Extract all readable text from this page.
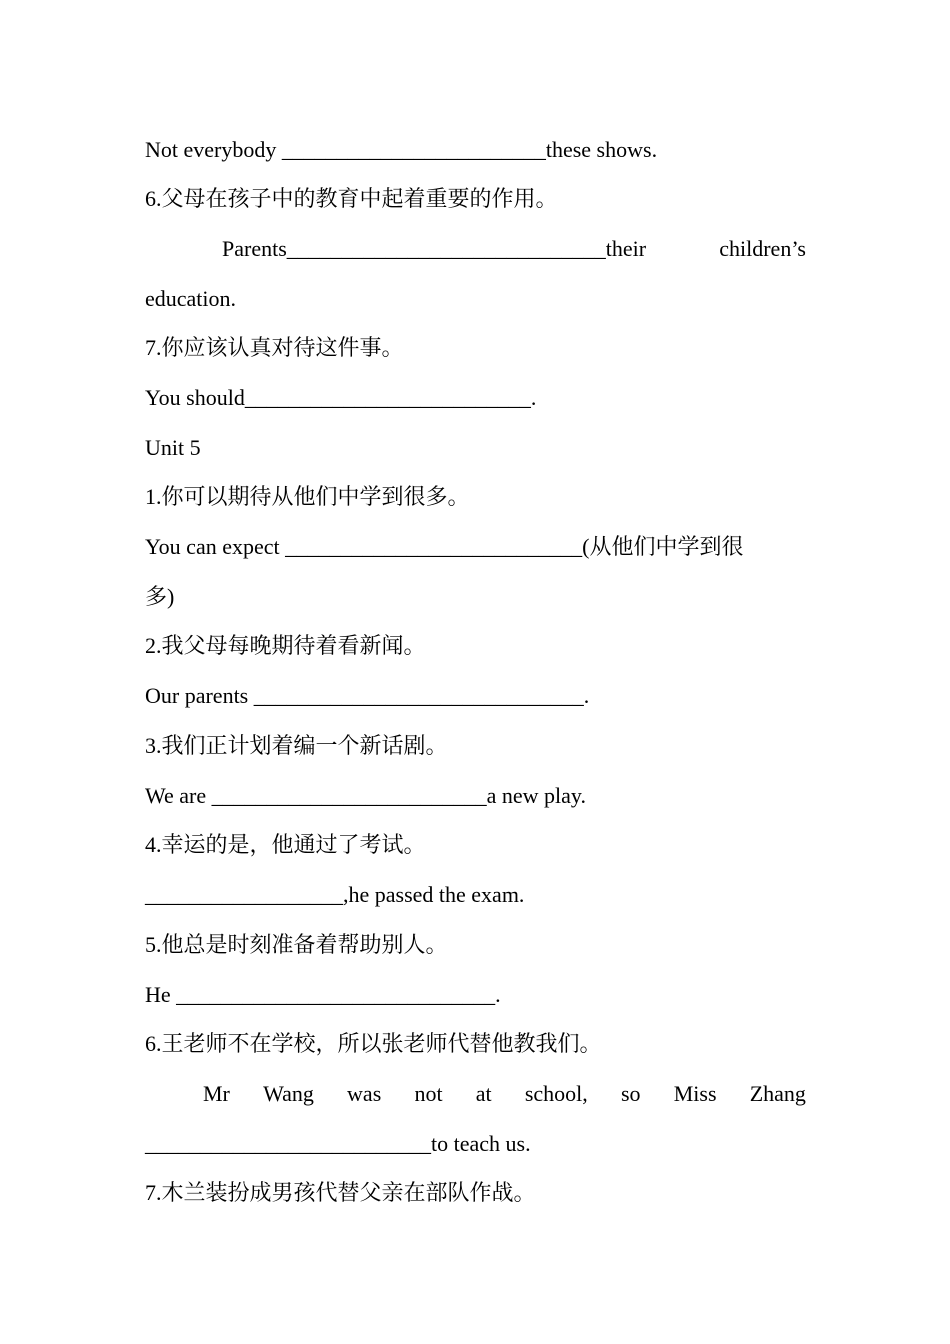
Not everybody ________________________these shows.
6.父母在孩子中的教育中起着重要的作用。
Parents_____________________________their	children’s
education.
7.你应该认真对待这件事。
You should__________________________.
Unit 5
1.你可以期待从他们中学到很多。
You can expect ___________________________(从他们中学到很
多)
2.我父母每晚期待着看新闻。
Our parents ______________________________.
3.我们正计划着编一个新话剧。
We are _________________________a new play.
4.幸运的是，他通过了考试。
__________________,he passed the exam.
5.他总是时刻准备着帮助别人。
He _____________________________.
6.王老师不在学校，所以张老师代替他教我们。
Mr Wang was not at school, so Miss Zhang
__________________________to teach us.
7.木兰装扮成男孩代替父亲在部队作战。
